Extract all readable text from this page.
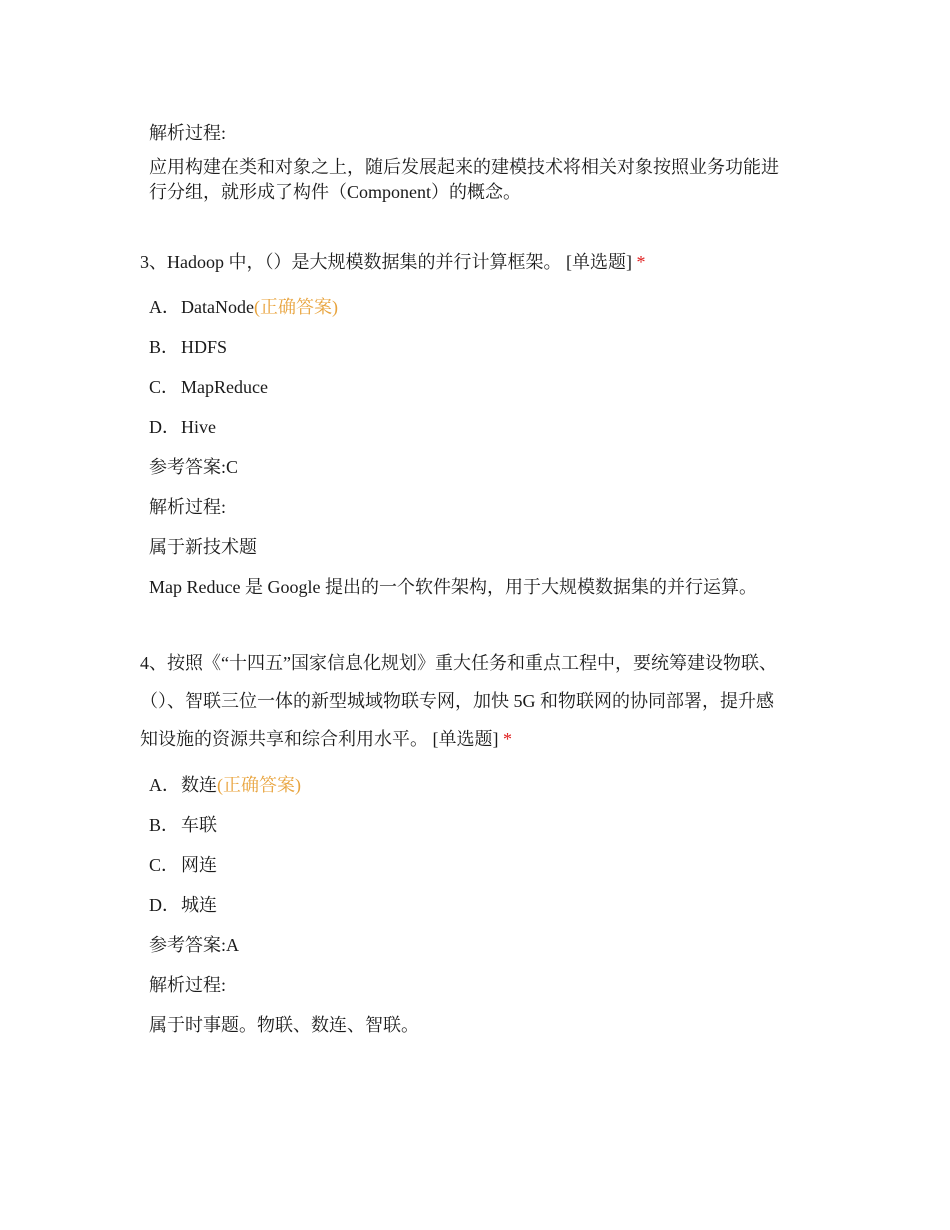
解析过程:
应用构建在类和对象之上，随后发展起来的建模技术将相关对象按照业务功能进
行分组，就形成了构件（Component）的概念。
3、Hadoop 中，（）是大规模数据集的并行计算框架。 [单选题] *
A．DataNode(正确答案)
B． HDFS
C． MapReduce
D．Hive
参考答案:C
解析过程:
属于新技术题
Map Reduce 是 Google 提出的一个软件架构，用于大规模数据集的并行运算。
4、按照《“十四五”国家信息化规划》重大任务和重点工程中，要统筹建设物联、
（）、智联三位一体的新型城域物联专网，加快 5G 和物联网的协同部署，提升感
知设施的资源共享和综合利用水平。 [单选题] *
A．数连(正确答案)
B． 车联
C． 网连
D．城连
参考答案:A
解析过程:
属于时事题。物联、数连、智联。
